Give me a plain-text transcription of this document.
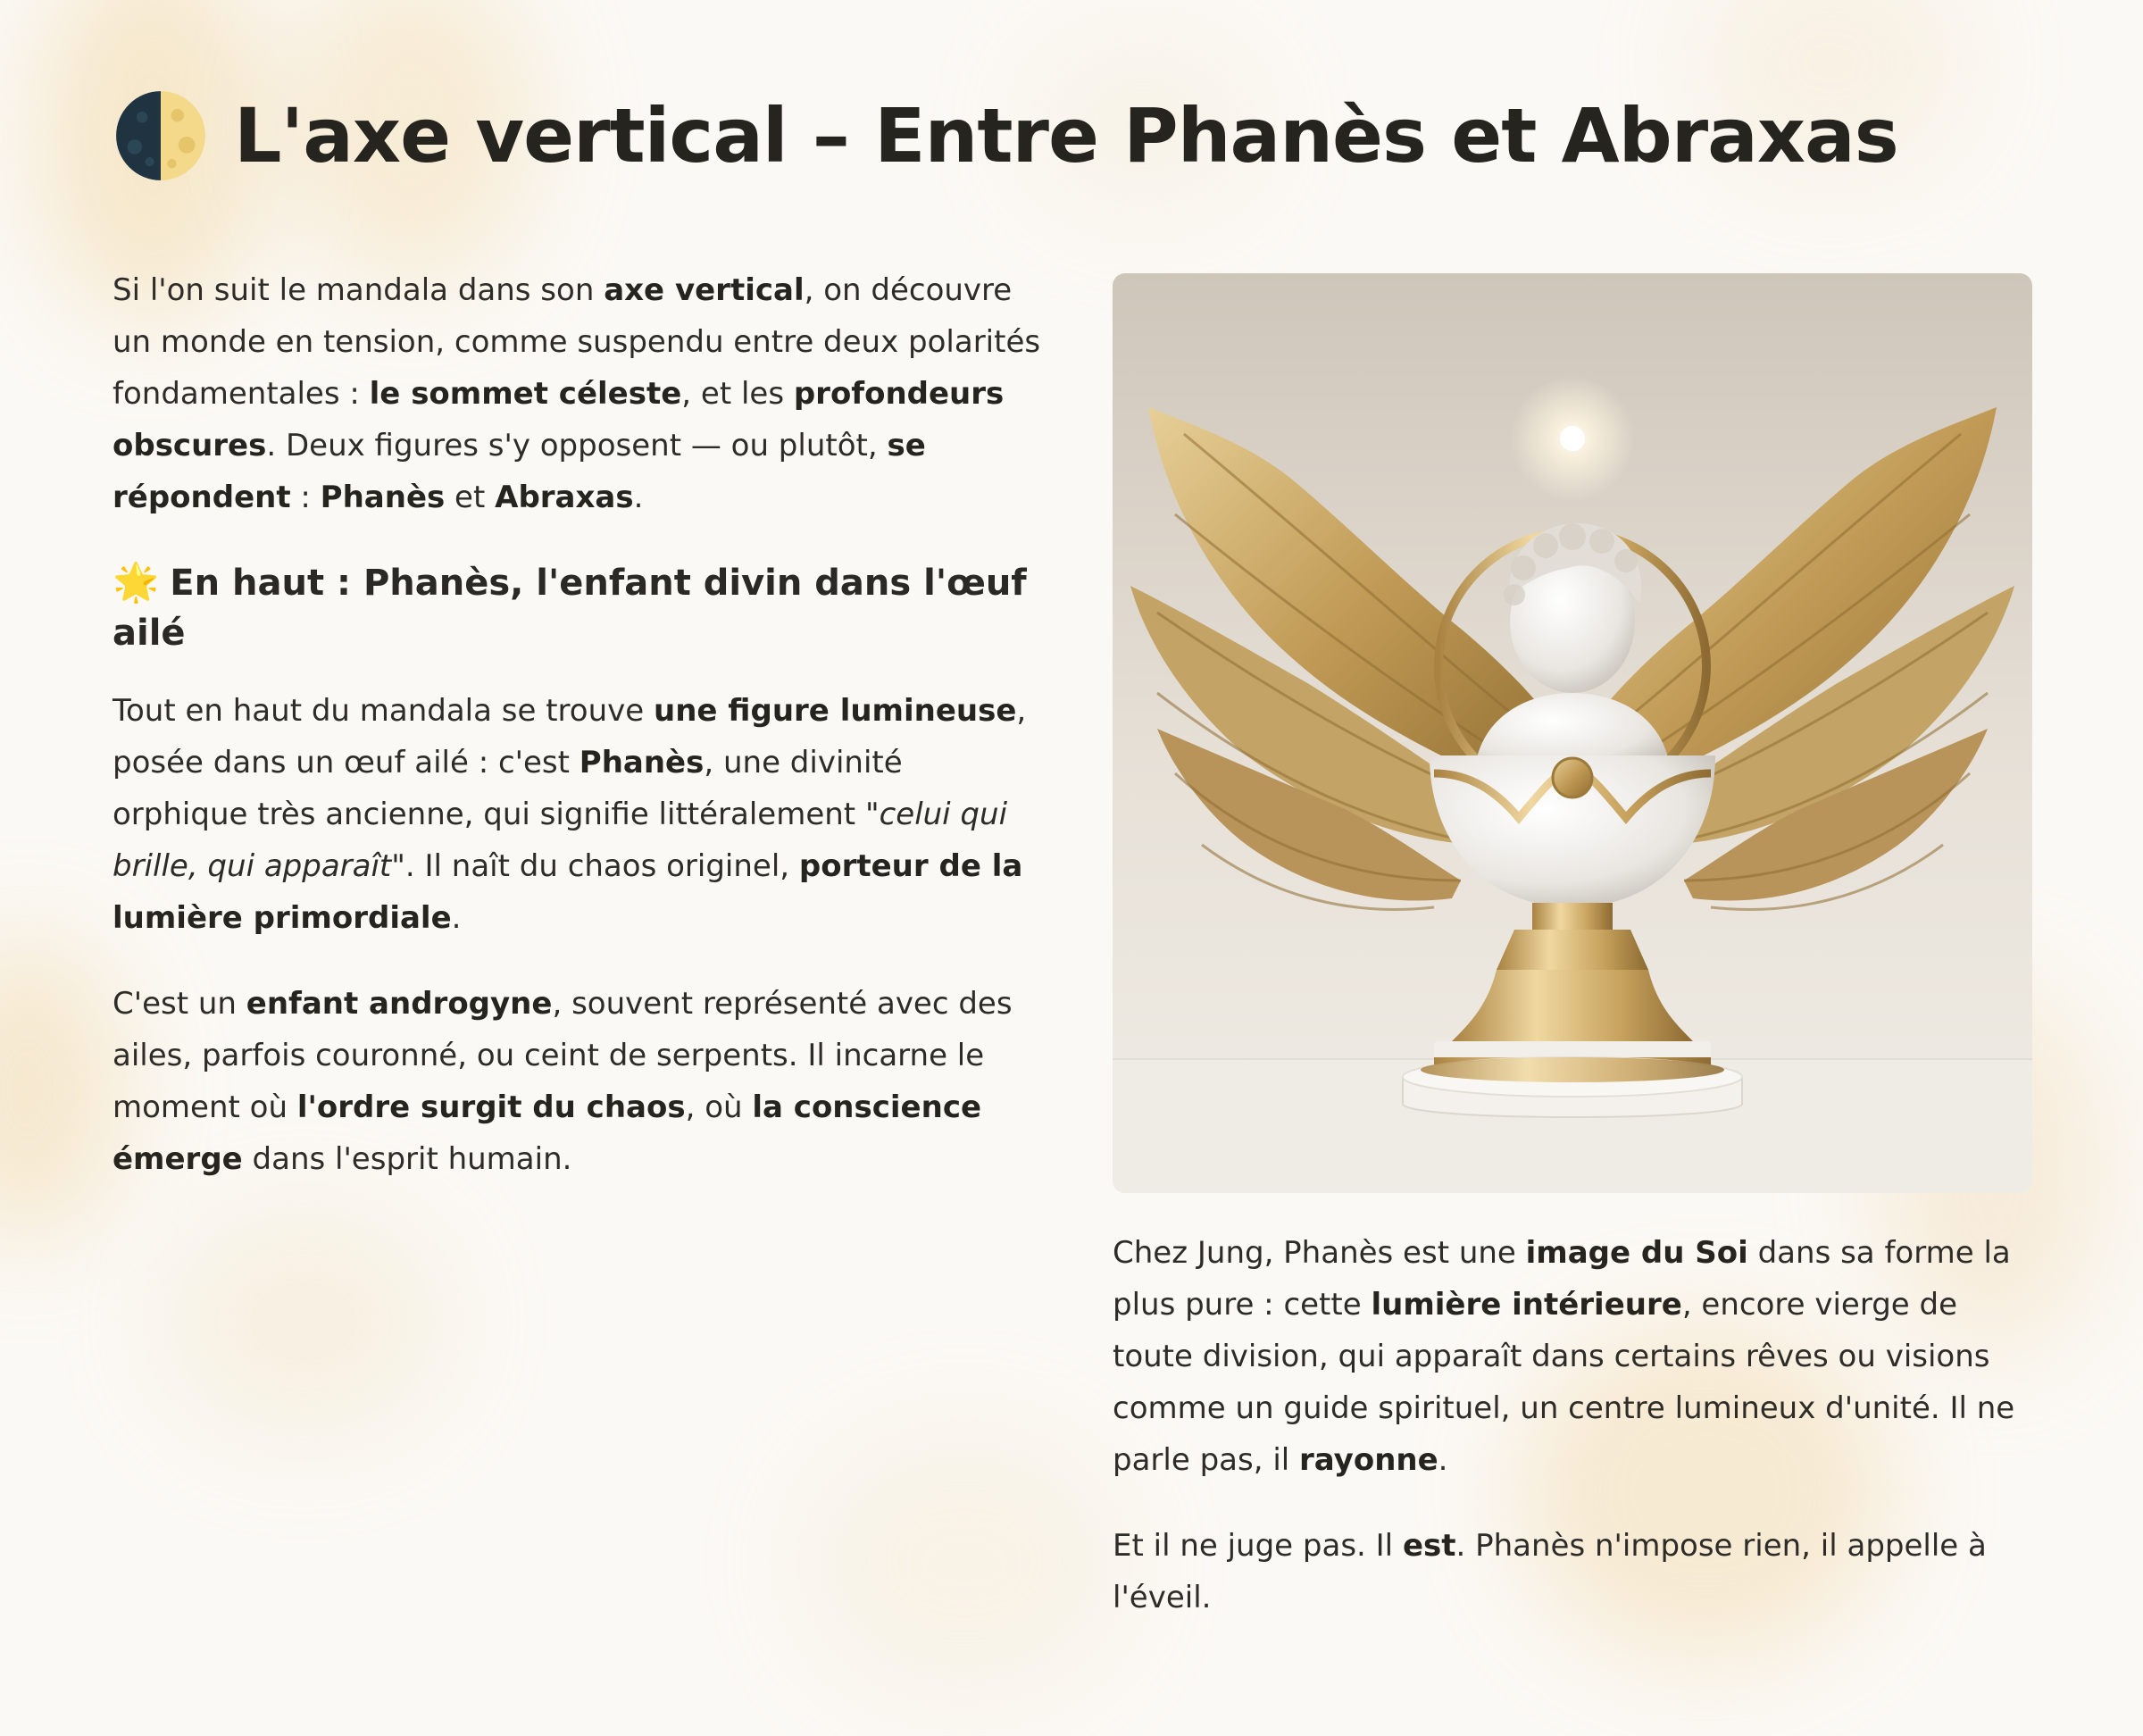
L'axe vertical – Entre Phanès et Abraxas

Si l'on suit le mandala dans son axe vertical, on découvre un monde en tension, comme suspendu entre deux polarités fondamentales : le sommet céleste, et les profondeurs obscures. Deux figures s'y opposent — ou plutôt, se répondent : Phanès et Abraxas.

🌟 En haut : Phanès, l'enfant divin dans l'œuf ailé

Tout en haut du mandala se trouve une figure lumineuse, posée dans un œuf ailé : c'est Phanès, une divinité orphique très ancienne, qui signifie littéralement "celui qui brille, qui apparaît". Il naît du chaos originel, porteur de la lumière primordiale.

C'est un enfant androgyne, souvent représenté avec des ailes, parfois couronné, ou ceint de serpents. Il incarne le moment où l'ordre surgit du chaos, où la conscience émerge dans l'esprit humain.

Chez Jung, Phanès est une image du Soi dans sa forme la plus pure : cette lumière intérieure, encore vierge de toute division, qui apparaît dans certains rêves ou visions comme un guide spirituel, un centre lumineux d'unité. Il ne parle pas, il rayonne.

Et il ne juge pas. Il est. Phanès n'impose rien, il appelle à l'éveil.
